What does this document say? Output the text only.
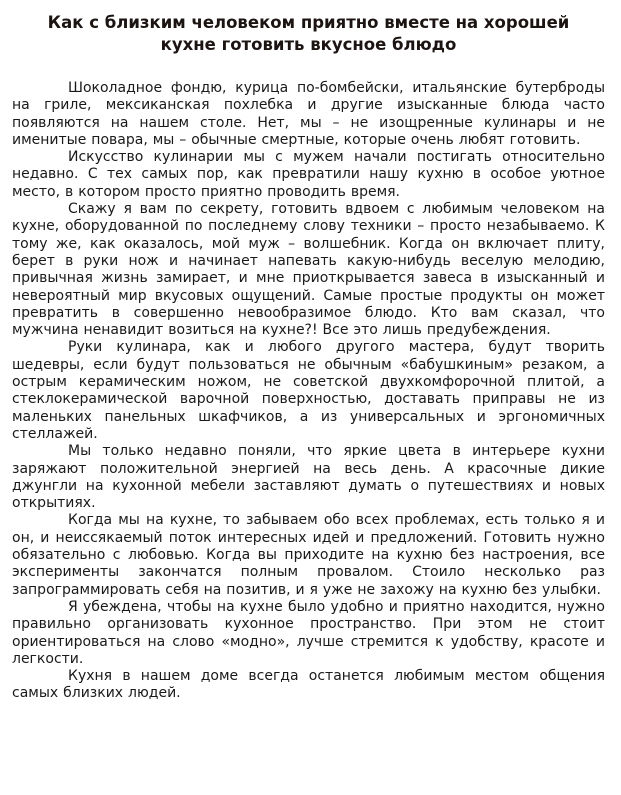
Как с близким человеком приятно вместе на хорошей кухне готовить вкусное блюдо

Шоколадное фондю, курица по-бомбейски, итальянские бутерброды на гриле, мексиканская похлебка и другие изысканные блюда часто появляются на нашем столе. Нет, мы – не изощренные кулинары и не именитые повара, мы – обычные смертные, которые очень любят готовить.

Искусство кулинарии мы с мужем начали постигать относительно недавно. С тех самых пор, как превратили нашу кухню в особое уютное место, в котором просто приятно проводить время.

Скажу я вам по секрету, готовить вдвоем с любимым человеком на кухне, оборудованной по последнему слову техники – просто незабываемо. К тому же, как оказалось, мой муж – волшебник. Когда он включает плиту, берет в руки нож и начинает напевать какую-нибудь веселую мелодию, привычная жизнь замирает, и мне приоткрывается завеса в изысканный и невероятный мир вкусовых ощущений. Самые простые продукты он может превратить в совершенно невообразимое блюдо. Кто вам сказал, что мужчина ненавидит возиться на кухне?! Все это лишь предубеждения.

Руки кулинара, как и любого другого мастера, будут творить шедевры, если будут пользоваться не обычным «бабушкиным» резаком, а острым керамическим ножом, не советской двухкомфорочной плитой, а стеклокерамической варочной поверхностью, доставать приправы не из маленьких панельных шкафчиков, а из универсальных и эргономичных стеллажей.

Мы только недавно поняли, что яркие цвета в интерьере кухни заряжают положительной энергией на весь день. А красочные дикие джунгли на кухонной мебели заставляют думать о путешествиях и новых открытиях.

Когда мы на кухне, то забываем обо всех проблемах, есть только я и он, и неиссякаемый поток интересных идей и предложений. Готовить нужно обязательно с любовью. Когда вы приходите на кухню без настроения, все эксперименты закончатся полным провалом. Стоило несколько раз запрограммировать себя на позитив, и я уже не захожу на кухню без улыбки.

Я убеждена, чтобы на кухне было удобно и приятно находится, нужно правильно организовать кухонное пространство. При этом не стоит ориентироваться на слово «модно», лучше стремится к удобству, красоте и легкости.

Кухня в нашем доме всегда останется любимым местом общения самых близких людей.
